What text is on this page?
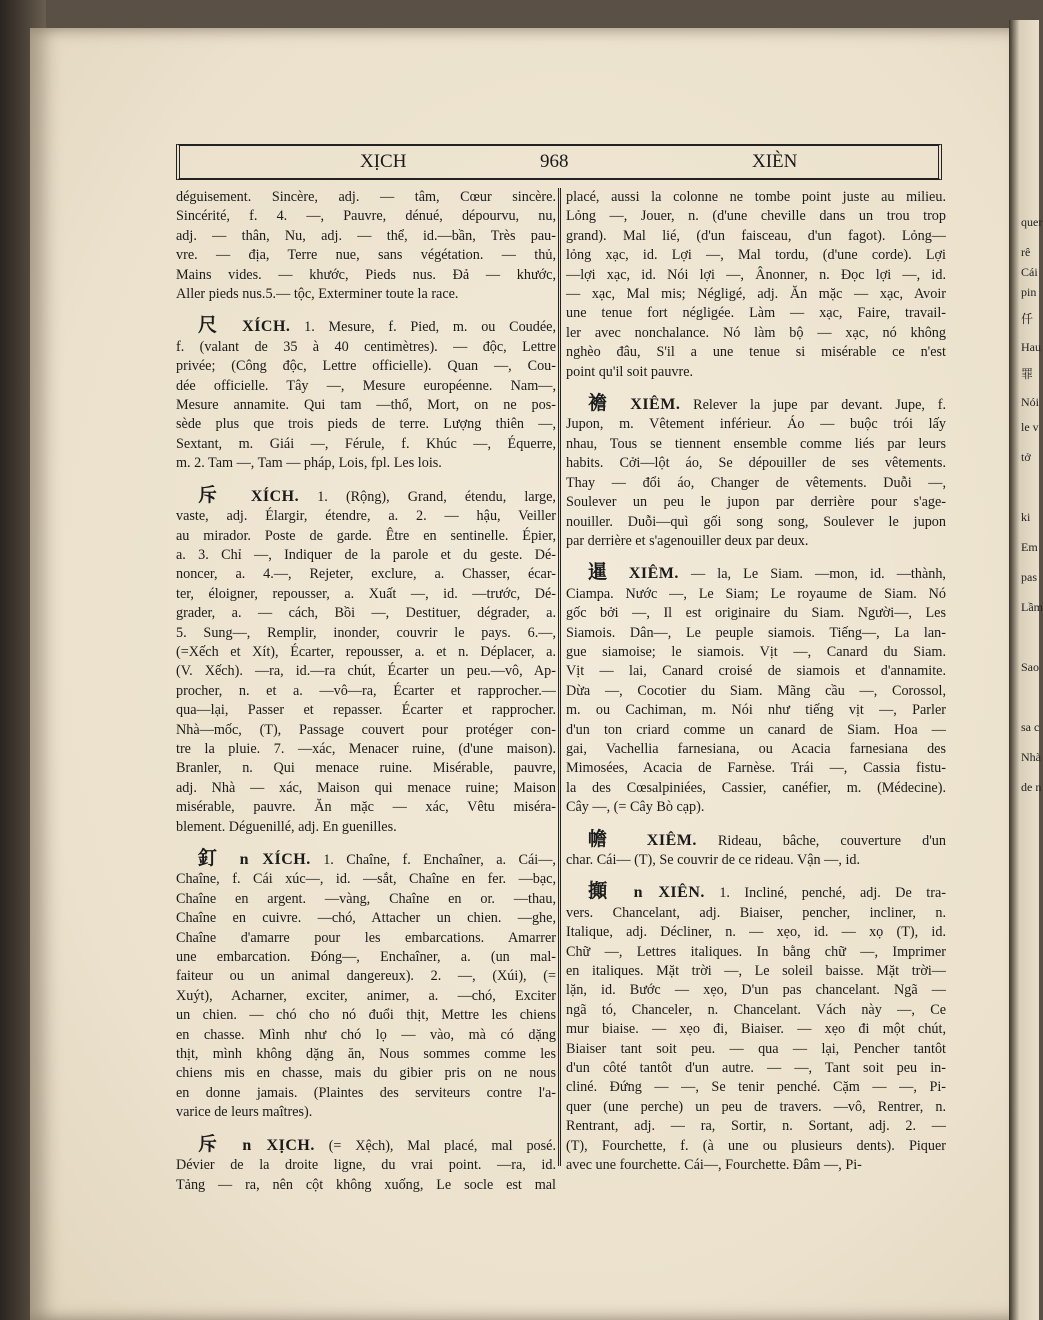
quer
rê
Cái
pin
仟
Hau
罪
Nói
le v
tở
ki
Em
pas
Lầm
Sao
sa c
Nhà
de n
XỊCH	968	XIÈN

déguisement. Sincère, adj. — tâm, Cœur sincère.

Sincérité, f. 4. —, Pauvre, dénué, dépourvu, nu,

adj. — thân, Nu, adj. — thể, id.—bần, Très pau-

vre. — địa, Terre nue, sans végétation. — thủ,

Mains vides. — khước, Pieds nus. Đả — khước,

Aller pieds nus.5.— tộc, Exterminer toute la race.

尺 XÍCH. 1. Mesure, f. Pied, m. ou Coudée,

f. (valant de 35 à 40 centimètres). — độc, Lettre

privée; (Công độc, Lettre officielle). Quan —, Cou-

dée officielle. Tây —, Mesure européenne. Nam—,

Mesure annamite. Qui tam —thổ, Mort, on ne pos-

sède plus que trois pieds de terre. Lượng thiên —,

Sextant, m. Giái —, Férule, f. Khúc —, Équerre,

m. 2. Tam —, Tam — pháp, Lois, fpl. Les lois.

斥 XÍCH. 1. (Rộng), Grand, étendu, large,

vaste, adj. Élargir, étendre, a. 2. — hậu, Veiller

au mirador. Poste de garde. Être en sentinelle. Épier,

a. 3. Chỉ —, Indiquer de la parole et du geste. Dé-

noncer, a. 4.—, Rejeter, exclure, a. Chasser, écar-

ter, éloigner, repousser, a. Xuất —, id. —trước, Dé-

grader, a. — cách, Bồi —, Destituer, dégrader, a.

5. Sung—, Remplir, inonder, couvrir le pays. 6.—,

(=Xếch et Xít), Écarter, repousser, a. et n. Déplacer, a.

(V. Xếch). —ra, id.—ra chút, Écarter un peu.—vô, Ap-

procher, n. et a. —vô—ra, Écarter et rapprocher.—

qua—lại, Passer et repasser. Écarter et rapprocher.

Nhà—mốc, (T), Passage couvert pour protéger con-

tre la pluie. 7. —xác, Menacer ruine, (d'une maison).

Branler, n. Qui menace ruine. Misérable, pauvre,

adj. Nhà — xác, Maison qui menace ruine; Maison

misérable, pauvre. Ăn mặc — xác, Vêtu miséra-

blement. Déguenillé, adj. En guenilles.

釘 n XÍCH. 1. Chaîne, f. Enchaîner, a. Cái—,

Chaîne, f. Cái xúc—, id. —sắt, Chaîne en fer. —bạc,

Chaîne en argent. —vàng, Chaîne en or. —thau,

Chaîne en cuivre. —chó, Attacher un chien. —ghe,

Chaîne d'amarre pour les embarcations. Amarrer

une embarcation. Đóng—, Enchaîner, a. (un mal-

faiteur ou un animal dangereux). 2. —, (Xúi), (=

Xuýt), Acharner, exciter, animer, a. —chó, Exciter

un chien. — chó cho nó đuổi thịt, Mettre les chiens

en chasse. Mình như chó lọ — vào, mà có dặng

thịt, mình không dặng ăn, Nous sommes comme les

chiens mis en chasse, mais du gibier pris on ne nous

en donne jamais. (Plaintes des serviteurs contre l'a-

varice de leurs maîtres).

斥 n XỊCH. (= Xệch), Mal placé, mal posé.

Dévier de la droite ligne, du vrai point. —ra, id.

Tảng — ra, nên cột không xuống, Le socle est mal

placé, aussi la colonne ne tombe point juste au milieu.

Lỏng —, Jouer, n. (d'une cheville dans un trou trop

grand). Mal lié, (d'un faisceau, d'un fagot). Lỏng—

lỏng xạc, id. Lợi —, Mal tordu, (d'une corde). Lợi

—lợi xạc, id. Nói lợi —, Ânonner, n. Đọc lợi —, id.

— xạc, Mal mis; Négligé, adj. Ăn mặc — xạc, Avoir

une tenue fort négligée. Làm — xạc, Faire, travail-

ler avec nonchalance. Nó làm bộ — xạc, nó không

nghèo đâu, S'il a une tenue si misérable ce n'est

point qu'il soit pauvre.

襜 XIÊM. Relever la jupe par devant. Jupe, f.

Jupon, m. Vêtement inférieur. Áo — buộc trói lấy

nhau, Tous se tiennent ensemble comme liés par leurs

habits. Cởi—lột áo, Se dépouiller de ses vêtements.

Thay — đổi áo, Changer de vêtements. Duỗi —,

Soulever un peu le jupon par derrière pour s'age-

nouiller. Duỗi—quì gối song song, Soulever le jupon

par derrière et s'agenouiller deux par deux.

暹 XIÊM. — la, Le Siam. —mon, id. —thành,

Ciampa. Nước —, Le Siam; Le royaume de Siam. Nó

gốc bởi —, Il est originaire du Siam. Người—, Les

Siamois. Dân—, Le peuple siamois. Tiếng—, La lan-

gue siamoise; le siamois. Vịt —, Canard du Siam.

Vịt — lai, Canard croisé de siamois et d'annamite.

Dừa —, Cocotier du Siam. Mãng cầu —, Corossol,

m. ou Cachiman, m. Nói như tiếng vịt —, Parler

d'un ton criard comme un canard de Siam. Hoa —

gai, Vachellia farnesiana, ou Acacia farnesiana des

Mimosées, Acacia de Farnèse. Trái —, Cassia fistu-

la des Cœsalpiniées, Cassier, canéfier, m. (Médecine).

Cây —, (= Cây Bò cạp).

幨 XIÊM. Rideau, bâche, couverture d'un

char. Cái— (T), Se couvrir de ce rideau. Vận —, id.

攧 n XIÊN. 1. Incliné, penché, adj. De tra-

vers. Chancelant, adj. Biaiser, pencher, incliner, n.

Italique, adj. Décliner, n. — xẹo, id. — xọ (T), id.

Chữ —, Lettres italiques. In bằng chữ —, Imprimer

en italiques. Mặt trời —, Le soleil baisse. Mặt trời—

lặn, id. Bước — xẹo, D'un pas chancelant. Ngã —

ngã tó, Chanceler, n. Chancelant. Vách này —, Ce

mur biaise. — xẹo đi, Biaiser. — xẹo đi một chút,

Biaiser tant soit peu. — qua — lại, Pencher tantôt

d'un côté tantôt d'un autre. — —, Tant soit peu in-

cliné. Đứng — —, Se tenir penché. Cặm — —, Pi-

quer (une perche) un peu de travers. —vô, Rentrer, n.

Rentrant, adj. — ra, Sortir, n. Sortant, adj. 2. —

(T), Fourchette, f. (à une ou plusieurs dents). Piquer

avec une fourchette. Cái—, Fourchette. Đâm —, Pi-
